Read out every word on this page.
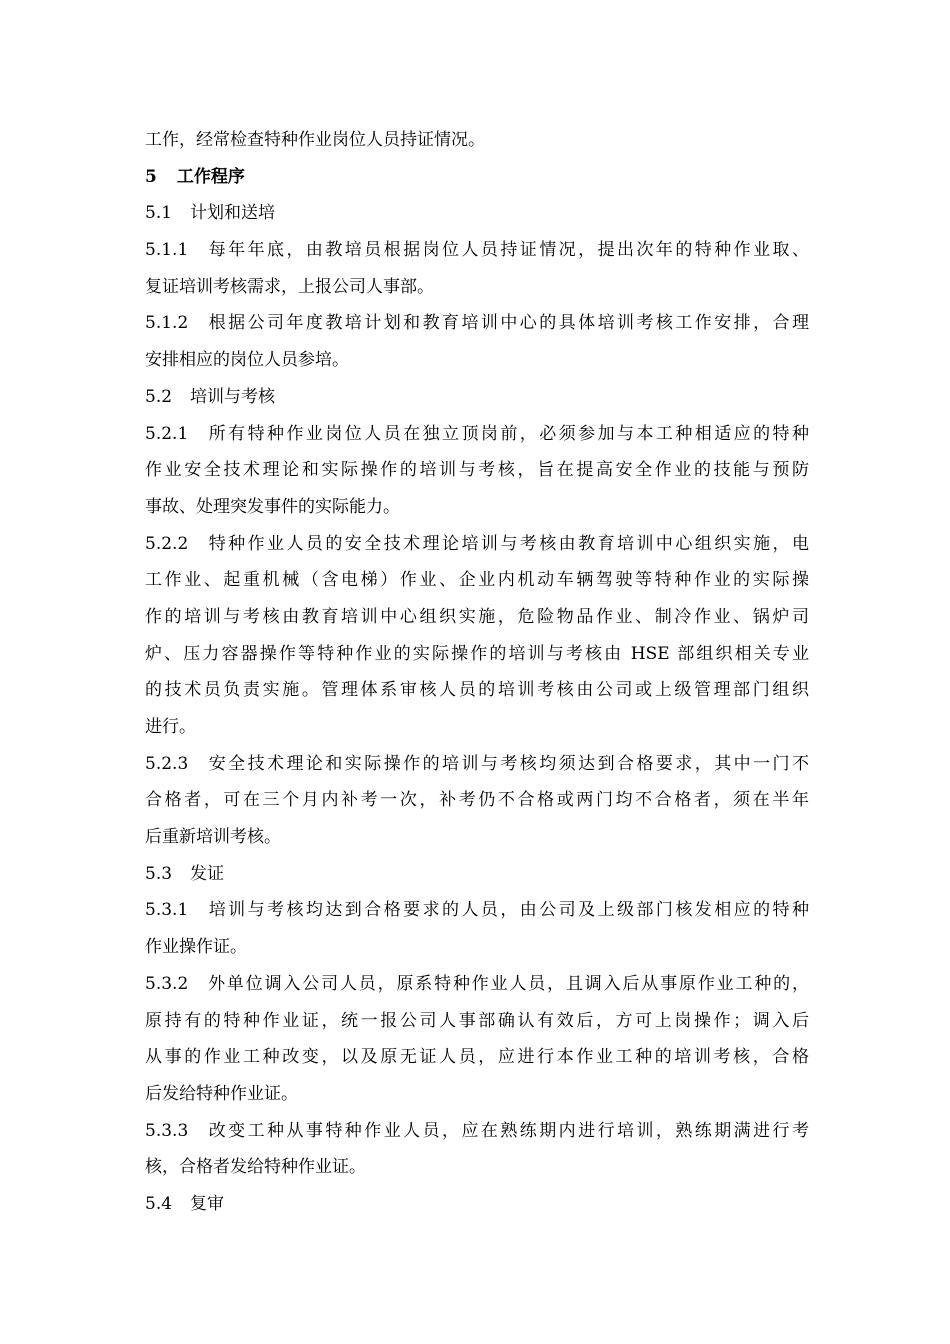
工作，经常检查特种作业岗位人员持证情况。
5 工作程序
5.1 计划和送培
5.1.1 每年年底，由教培员根据岗位人员持证情况，提出次年的特种作业取、
复证培训考核需求，上报公司人事部。
5.1.2 根据公司年度教培计划和教育培训中心的具体培训考核工作安排，合理
安排相应的岗位人员参培。
5.2 培训与考核
5.2.1 所有特种作业岗位人员在独立顶岗前，必须参加与本工种相适应的特种
作业安全技术理论和实际操作的培训与考核，旨在提高安全作业的技能与预防
事故、处理突发事件的实际能力。
5.2.2 特种作业人员的安全技术理论培训与考核由教育培训中心组织实施，电
工作业、起重机械（含电梯）作业、企业内机动车辆驾驶等特种作业的实际操
作的培训与考核由教育培训中心组织实施，危险物品作业、制冷作业、锅炉司
炉、压力容器操作等特种作业的实际操作的培训与考核由 HSE 部组织相关专业
的技术员负责实施。管理体系审核人员的培训考核由公司或上级管理部门组织
进行。
5.2.3 安全技术理论和实际操作的培训与考核均须达到合格要求，其中一门不
合格者，可在三个月内补考一次，补考仍不合格或两门均不合格者，须在半年
后重新培训考核。
5.3 发证
5.3.1 培训与考核均达到合格要求的人员，由公司及上级部门核发相应的特种
作业操作证。
5.3.2 外单位调入公司人员，原系特种作业人员，且调入后从事原作业工种的，
原持有的特种作业证，统一报公司人事部确认有效后，方可上岗操作；调入后
从事的作业工种改变，以及原无证人员，应进行本作业工种的培训考核，合格
后发给特种作业证。
5.3.3 改变工种从事特种作业人员，应在熟练期内进行培训，熟练期满进行考
核，合格者发给特种作业证。
5.4 复审
